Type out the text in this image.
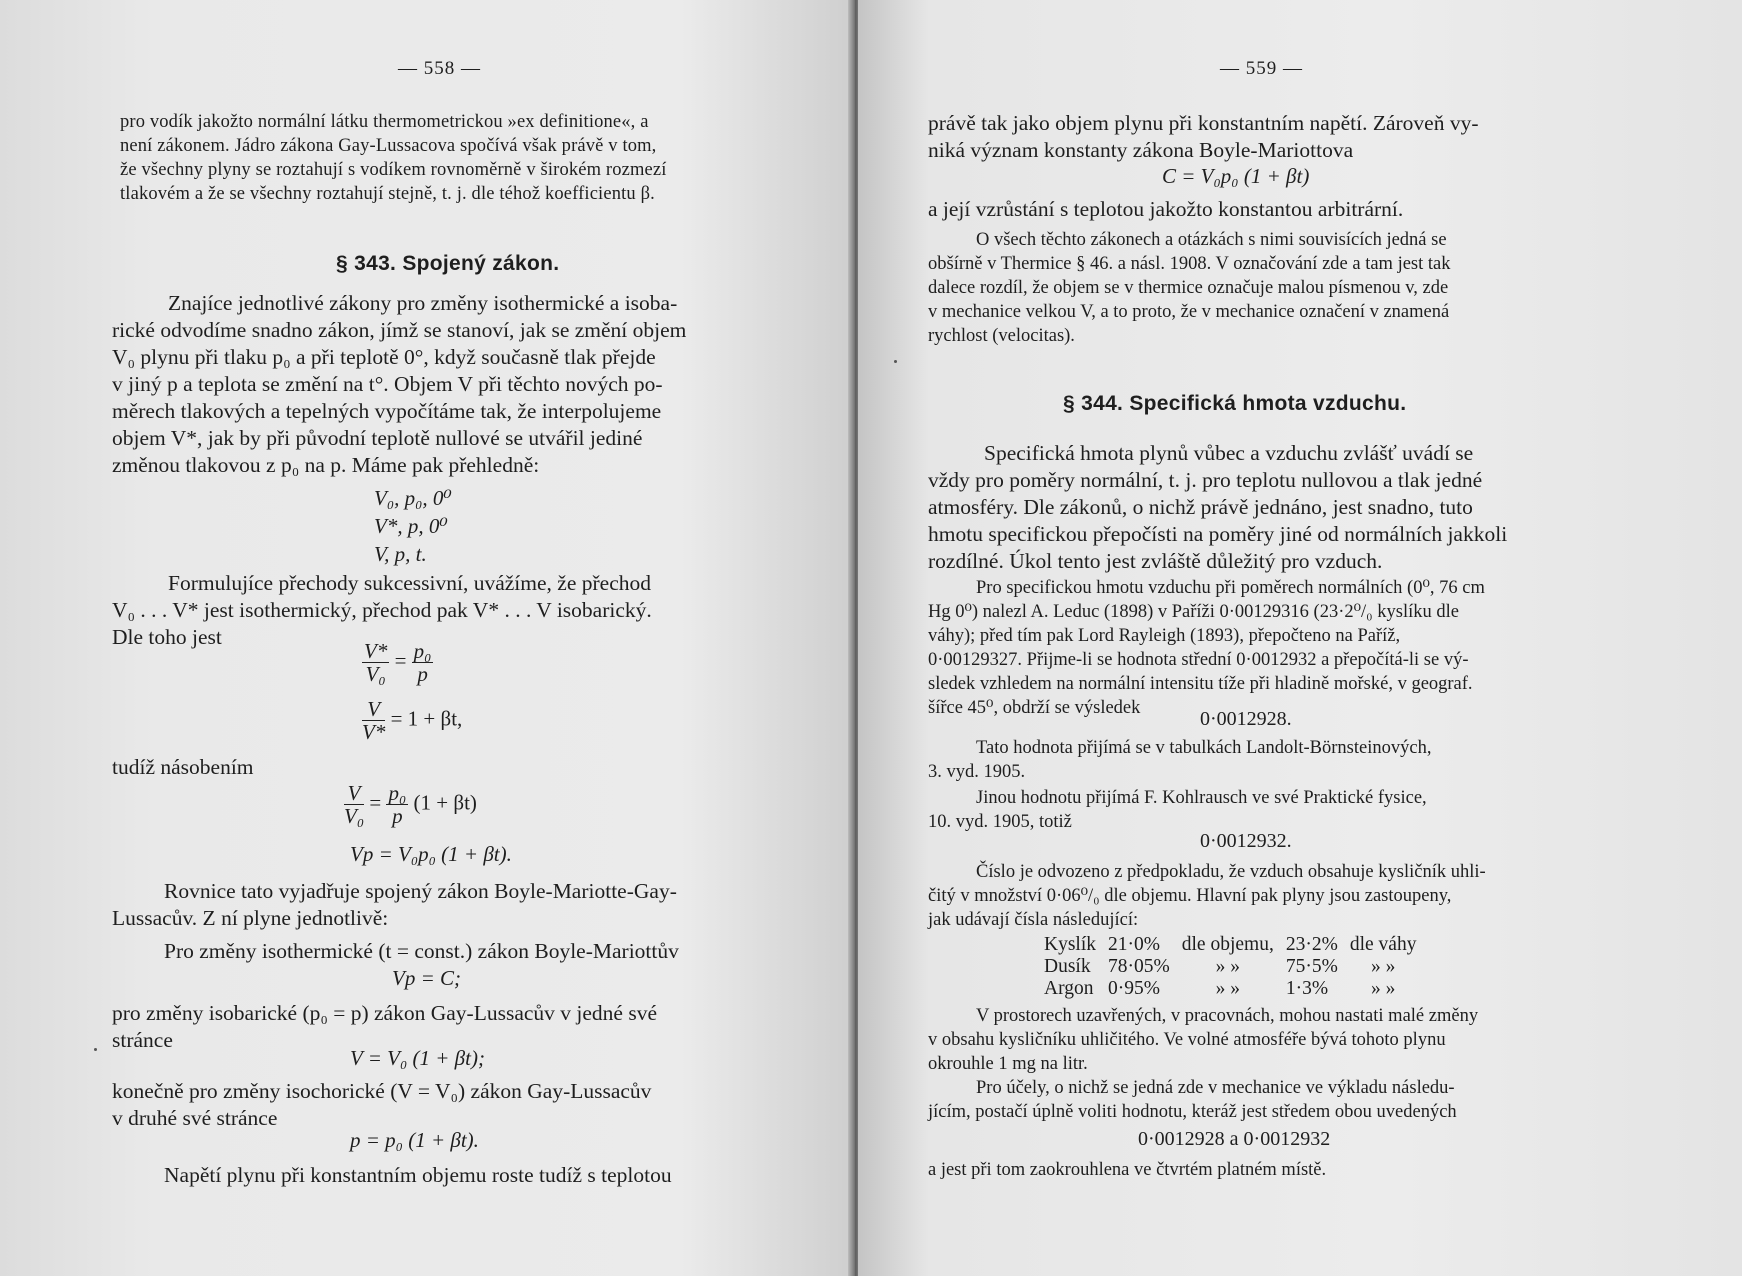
— 558 —
pro vodík jakožto normální látku thermometrickou »ex definitione«, a
není zákonem. Jádro zákona Gay-Lussacova spočívá však právě v tom,
že všechny plyny se roztahují s vodíkem rovnoměrně v širokém rozmezí
tlakovém a že se všechny roztahují stejně, t. j. dle téhož koefficientu β.
§ 343. Spojený zákon.
Znajíce jednotlivé zákony pro změny isothermické a isoba-
rické odvodíme snadno zákon, jímž se stanoví, jak se změní objem
V₀ plynu při tlaku p₀ a při teplotě 0°, když současně tlak přejde
v jiný p a teplota se změní na t°. Objem V při těchto nových po-
měrech tlakových a tepelných vypočítáme tak, že interpolujeme
objem V*, jak by při původní teplotě nullové se utvářil jediné
změnou tlakovou z p₀ na p. Máme pak přehledně:
V₀, p₀, 0⁰
V*, p, 0⁰
V, p, t.
Formulujíce přechody sukcessivní, uvážíme, že přechod
V₀ . . . V* jest isothermický, přechod pak V* . . . V isobarický.
Dle toho jest
$\frac{V*}{\text{V₀}} = \frac{\text{p₀}}{p}$
$\frac{V}{V*} = 1 + \beta t$,
tudíž násobením
$\frac{V}{\text{V₀}} = \frac{\text{p₀}}{p} (1 + \beta t)$
Vp = V₀p₀ (1 + βt).
Rovnice tato vyjadřuje spojený zákon Boyle-Mariotte-Gay-
Lussacův. Z ní plyne jednotlivě:
Pro změny isothermické (t = const.) zákon Boyle-Mariottův
Vp = C;
pro změny isobarické (p₀ = p) zákon Gay-Lussacův v jedné své
stránce
V = V₀ (1 + βt);
konečně pro změny isochorické (V = V₀) zákon Gay-Lussacův
v druhé své stránce
p = p₀ (1 + βt).
Napětí plynu při konstantním objemu roste tudíž s teplotou
— 559 —
právě tak jako objem plynu při konstantním napětí. Zároveň vy-
niká význam konstanty zákona Boyle-Mariottova
C = V₀p₀ (1 + βt)
a její vzrůstání s teplotou jakožto konstantou arbitrární.
O všech těchto zákonech a otázkách s nimi souvisících jedná se
obšírně v Thermice § 46. a násl. 1908. V označování zde a tam jest tak
dalece rozdíl, že objem se v thermice označuje malou písmenou v, zde
v mechanice velkou V, a to proto, že v mechanice označení v znamená
rychlost (velocitas).
§ 344. Specifická hmota vzduchu.
Specifická hmota plynů vůbec a vzduchu zvlášť uvádí se
vždy pro poměry normální, t. j. pro teplotu nullovou a tlak jedné
atmosféry. Dle zákonů, o nichž právě jednáno, jest snadno, tuto
hmotu specifickou přepočísti na poměry jiné od normálních jakkoli
rozdílné. Úkol tento jest zvláště důležitý pro vzduch.
Pro specifickou hmotu vzduchu při poměrech normálních (0⁰, 76 cm
Hg 0⁰) nalezl A. Leduc (1898) v Paříži 0·00129316 (23·2⁰/₀ kyslíku dle
váhy); před tím pak Lord Rayleigh (1893), přepočteno na Paříž,
0·00129327. Přijme-li se hodnota střední 0·0012932 a přepočítá-li se vý-
sledek vzhledem na normální intensitu tíže při hladině mořské, v geograf.
šířce 45⁰, obdrží se výsledek	0·0012928.
Tato hodnota přijímá se v tabulkách Landolt-Börnsteinových,
3. vyd. 1905.
Jinou hodnotu přijímá F. Kohlrausch ve své Praktické fysice,
10. vyd. 1905, totiž
0·0012932.
Číslo je odvozeno z předpokladu, že vzduch obsahuje kysličník uhli-
čitý v množství 0·06⁰/₀ dle objemu. Hlavní pak plyny jsou zastoupeny,
jak udávají čísla následující:
Kyslík	21·0%	dle objemu,	23·2%	dle váhy
Dusík	78·05%	» »	75·5%	» »
Argon	0·95%	» »	1·3%	» »
V prostorech uzavřených, v pracovnách, mohou nastati malé změny
v obsahu kysličníku uhličitého. Ve volné atmosféře bývá tohoto plynu
okrouhle 1 mg na litr.
Pro účely, o nichž se jedná zde v mechanice ve výkladu následu-
jícím, postačí úplně voliti hodnotu, kteráž jest středem obou uvedených
0·0012928 a 0·0012932
a jest při tom zaokrouhlena ve čtvrtém platném místě.
